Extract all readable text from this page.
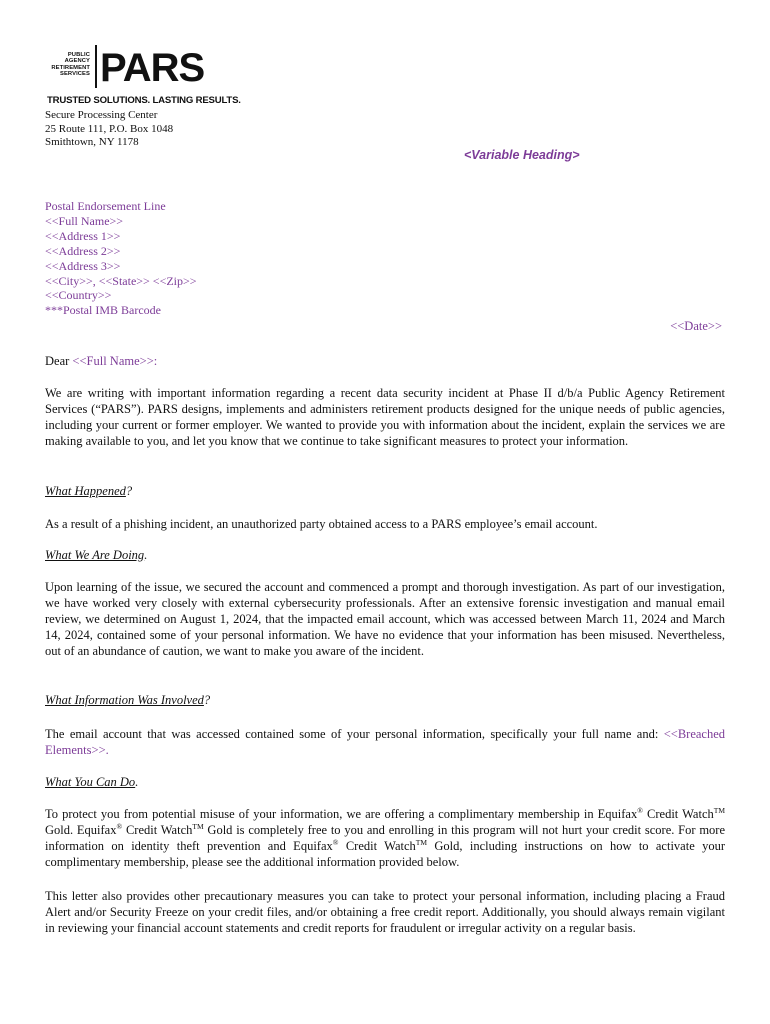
PUBLIC
AGENCY
RETIREMENT
SERVICES PARS
TRUSTED SOLUTIONS. LASTING RESULTS.
Secure Processing Center
25 Route 111, P.O. Box 1048
Smithtown, NY 1178
<Variable Heading>
Postal Endorsement Line
<<Full Name>>
<<Address 1>>
<<Address 2>>
<<Address 3>>
<<City>>, <<State>> <<Zip>>
<<Country>>
***Postal IMB Barcode
<<Date>>
Dear <<Full Name>>:
We are writing with important information regarding a recent data security incident at Phase II d/b/a Public Agency Retirement Services (“PARS”). PARS designs, implements and administers retirement products designed for the unique needs of public agencies, including your current or former employer. We wanted to provide you with information about the incident, explain the services we are making available to you, and let you know that we continue to take significant measures to protect your information.
What Happened?
As a result of a phishing incident, an unauthorized party obtained access to a PARS employee’s email account.
What We Are Doing.
Upon learning of the issue, we secured the account and commenced a prompt and thorough investigation. As part of our investigation, we have worked very closely with external cybersecurity professionals. After an extensive forensic investigation and manual email review, we determined on August 1, 2024, that the impacted email account, which was accessed between March 11, 2024 and March 14, 2024, contained some of your personal information. We have no evidence that your information has been misused. Nevertheless, out of an abundance of caution, we want to make you aware of the incident.
What Information Was Involved?
The email account that was accessed contained some of your personal information, specifically your full name and: <<Breached Elements>>.
What You Can Do.
To protect you from potential misuse of your information, we are offering a complimentary membership in Equifax® Credit Watch™ Gold. Equifax® Credit Watch™ Gold is completely free to you and enrolling in this program will not hurt your credit score. For more information on identity theft prevention and Equifax® Credit Watch™ Gold, including instructions on how to activate your complimentary membership, please see the additional information provided below.
This letter also provides other precautionary measures you can take to protect your personal information, including placing a Fraud Alert and/or Security Freeze on your credit files, and/or obtaining a free credit report. Additionally, you should always remain vigilant in reviewing your financial account statements and credit reports for fraudulent or irregular activity on a regular basis.
